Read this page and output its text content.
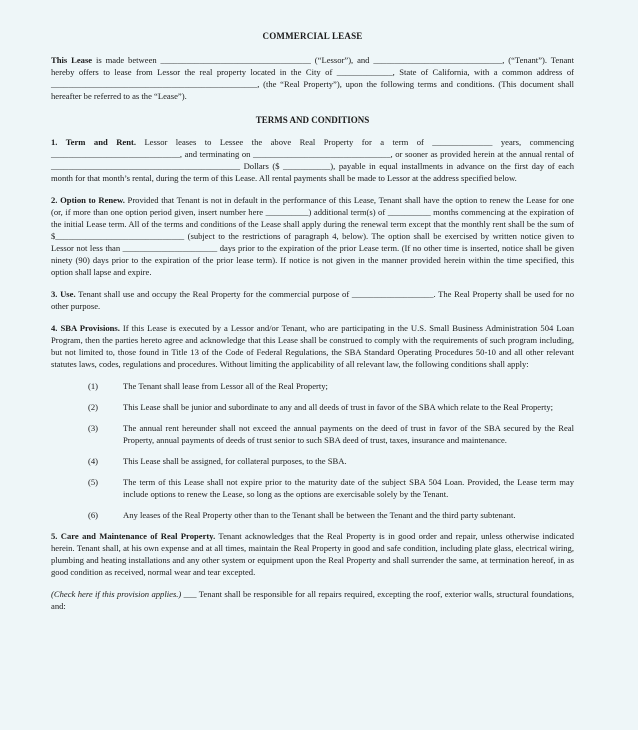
COMMERCIAL LEASE

This Lease is made between ___________________________________ (“Lessor”), and ______________________________, (“Tenant”). Tenant hereby offers to lease from Lessor the real property located in the City of _____________, State of California, with a common address of ________________________________________________, (the “Real Property”), upon the following terms and conditions. (This document shall hereafter be referred to as the “Lease”).

TERMS AND CONDITIONS

1. Term and Rent. Lessor leases to Lessee the above Real Property for a term of ______________ years, commencing ______________________________, and terminating on ________________________________, or sooner as provided herein at the annual rental of ____________________________________________ Dollars ($ ___________), payable in equal installments in advance on the first day of each month for that month’s rental, during the term of this Lease. All rental payments shall be made to Lessor at the address specified below.

2. Option to Renew. Provided that Tenant is not in default in the performance of this Lease, Tenant shall have the option to renew the Lease for one (or, if more than one option period given, insert number here __________) additional term(s) of __________ months commencing at the expiration of the initial Lease term. All of the terms and conditions of the Lease shall apply during the renewal term except that the monthly rent shall be the sum of $______________________________ (subject to the restrictions of paragraph 4, below). The option shall be exercised by written notice given to Lessor not less than ______________________ days prior to the expiration of the prior Lease term. (If no other time is inserted, notice shall be given ninety (90) days prior to the expiration of the prior lease term). If notice is not given in the manner provided herein within the time specified, this option shall lapse and expire.

3. Use. Tenant shall use and occupy the Real Property for the commercial purpose of ___________________. The Real Property shall be used for no other purpose.

4. SBA Provisions. If this Lease is executed by a Lessor and/or Tenant, who are participating in the U.S. Small Business Administration 504 Loan Program, then the parties hereto agree and acknowledge that this Lease shall be construed to comply with the requirements of such program including, but not limited to, those found in Title 13 of the Code of Federal Regulations, the SBA Standard Operating Procedures 50-10 and all other relevant statutes laws, codes, regulations and procedures. Without limiting the applicability of all relevant law, the following conditions shall apply:

(1)	The Tenant shall lease from Lessor all of the Real Property;
(2)	This Lease shall be junior and subordinate to any and all deeds of trust in favor of the SBA which relate to the Real Property;
(3)	The annual rent hereunder shall not exceed the annual payments on the deed of trust in favor of the SBA secured by the Real Property, annual payments of deeds of trust senior to such SBA deed of trust, taxes, insurance and maintenance.
(4)	This Lease shall be assigned, for collateral purposes, to the SBA.
(5)	The term of this Lease shall not expire prior to the maturity date of the subject SBA 504 Loan. Provided, the Lease term may include options to renew the Lease, so long as the options are exercisable solely by the Tenant.
(6)	Any leases of the Real Property other than to the Tenant shall be between the Tenant and the third party subtenant.

5. Care and Maintenance of Real Property. Tenant acknowledges that the Real Property is in good order and repair, unless otherwise indicated herein. Tenant shall, at his own expense and at all times, maintain the Real Property in good and safe condition, including plate glass, electrical wiring, plumbing and heating installations and any other system or equipment upon the Real Property and shall surrender the same, at termination hereof, in as good condition as received, normal wear and tear excepted.

(Check here if this provision applies.) ___ Tenant shall be responsible for all repairs required, excepting the roof, exterior walls, structural foundations, and:
